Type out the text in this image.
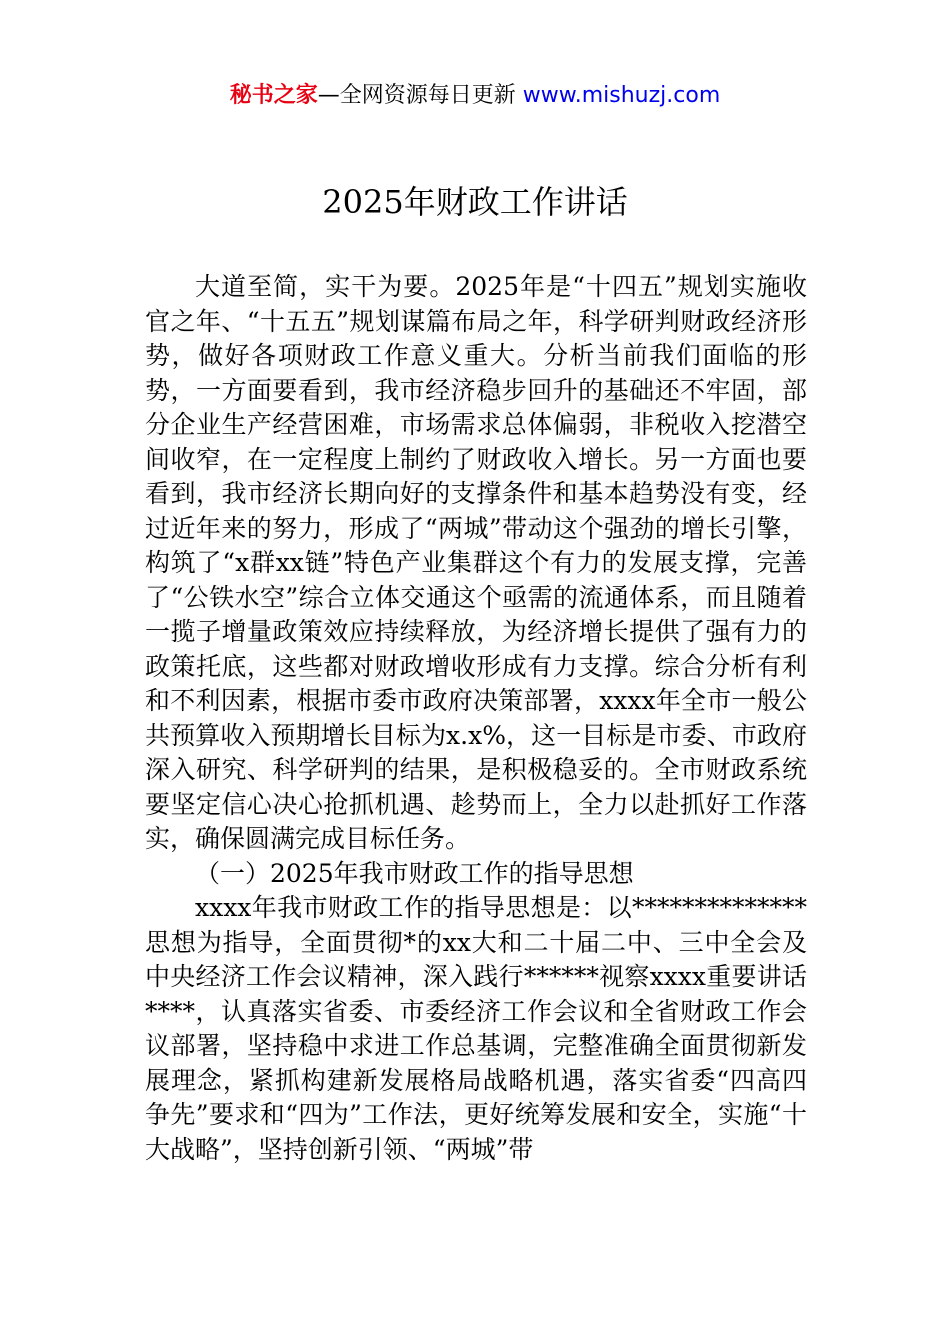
秘书之家—全网资源每日更新 www.mishuzj.com
2025年财政工作讲话

大道至简，实干为要。2025年是“十四五”规划实施收官之年、“十五五”规划谋篇布局之年，科学研判财政经济形势，做好各项财政工作意义重大。分析当前我们面临的形势，一方面要看到，我市经济稳步回升的基础还不牢固，部分企业生产经营困难，市场需求总体偏弱，非税收入挖潜空间收窄，在一定程度上制约了财政收入增长。另一方面也要看到，我市经济长期向好的支撑条件和基本趋势没有变，经过近年来的努力，形成了“两城”带动这个强劲的增长引擎，构筑了“x群xx链”特色产业集群这个有力的发展支撑，完善了“公铁水空”综合立体交通这个亟需的流通体系，而且随着一揽子增量政策效应持续释放，为经济增长提供了强有力的政策托底，这些都对财政增收形成有力支撑。综合分析有利和不利因素，根据市委市政府决策部署，xxxx年全市一般公共预算收入预期增长目标为x.x%，这一目标是市委、市政府深入研究、科学研判的结果，是积极稳妥的。全市财政系统要坚定信心决心抢抓机遇、趁势而上，全力以赴抓好工作落实，确保圆满完成目标任务。

（一）2025年我市财政工作的指导思想

xxxx年我市财政工作的指导思想是：以**************思想为指导，全面贯彻*的xx大和二十届二中、三中全会及中央经济工作会议精神，深入践行******视察xxxx重要讲话****，认真落实省委、市委经济工作会议和全省财政工作会议部署，坚持稳中求进工作总基调，完整准确全面贯彻新发展理念，紧抓构建新发展格局战略机遇，落实省委“四高四争先”要求和“四为”工作法，更好统筹发展和安全，实施“十大战略”，坚持创新引领、“两城”带
